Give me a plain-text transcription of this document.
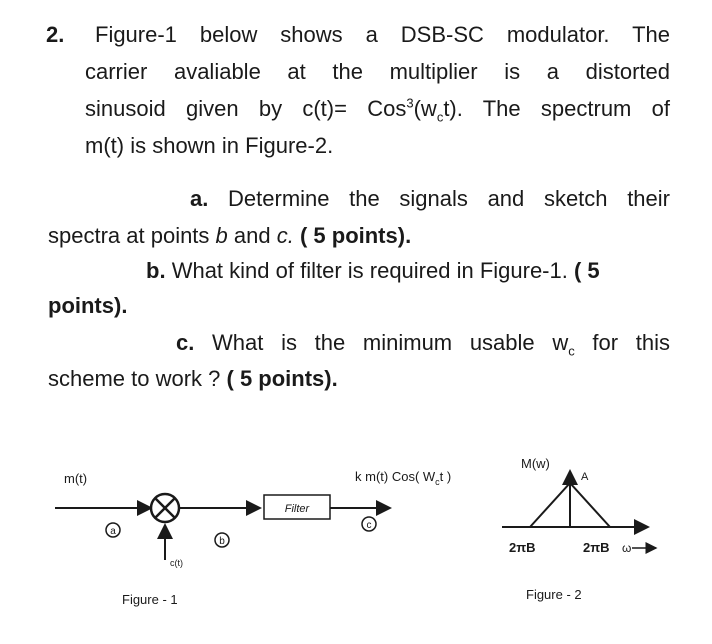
2. Figure-1 below shows a DSB-SC modulator. The
carrier avaliable at the multiplier is a distorted
sinusoid given by $c(t)= Cos^3(w_ct)$. The spectrum of
m(t) is shown in Figure-2.
a. Determine the signals and sketch their
spectra at points b and c. ( 5 points).
b. What kind of filter is required in Figure-1. ( 5
points).
c. What is the minimum usable $w_c$ for this
scheme to work ? ( 5 points).
m(t)
c(t)
Filter
k m(t) Cos( $W_ct$ )
a
b
c
Figure - 1
M(w)
A
2πB	2πB ω
Figure - 2
